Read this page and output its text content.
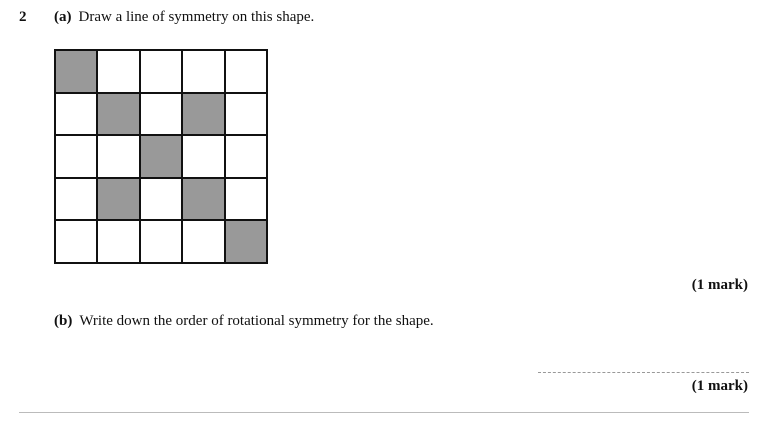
2 (a) Draw a line of symmetry on this shape.
(1 mark)
(b) Write down the order of rotational symmetry for the shape.
(1 mark)
